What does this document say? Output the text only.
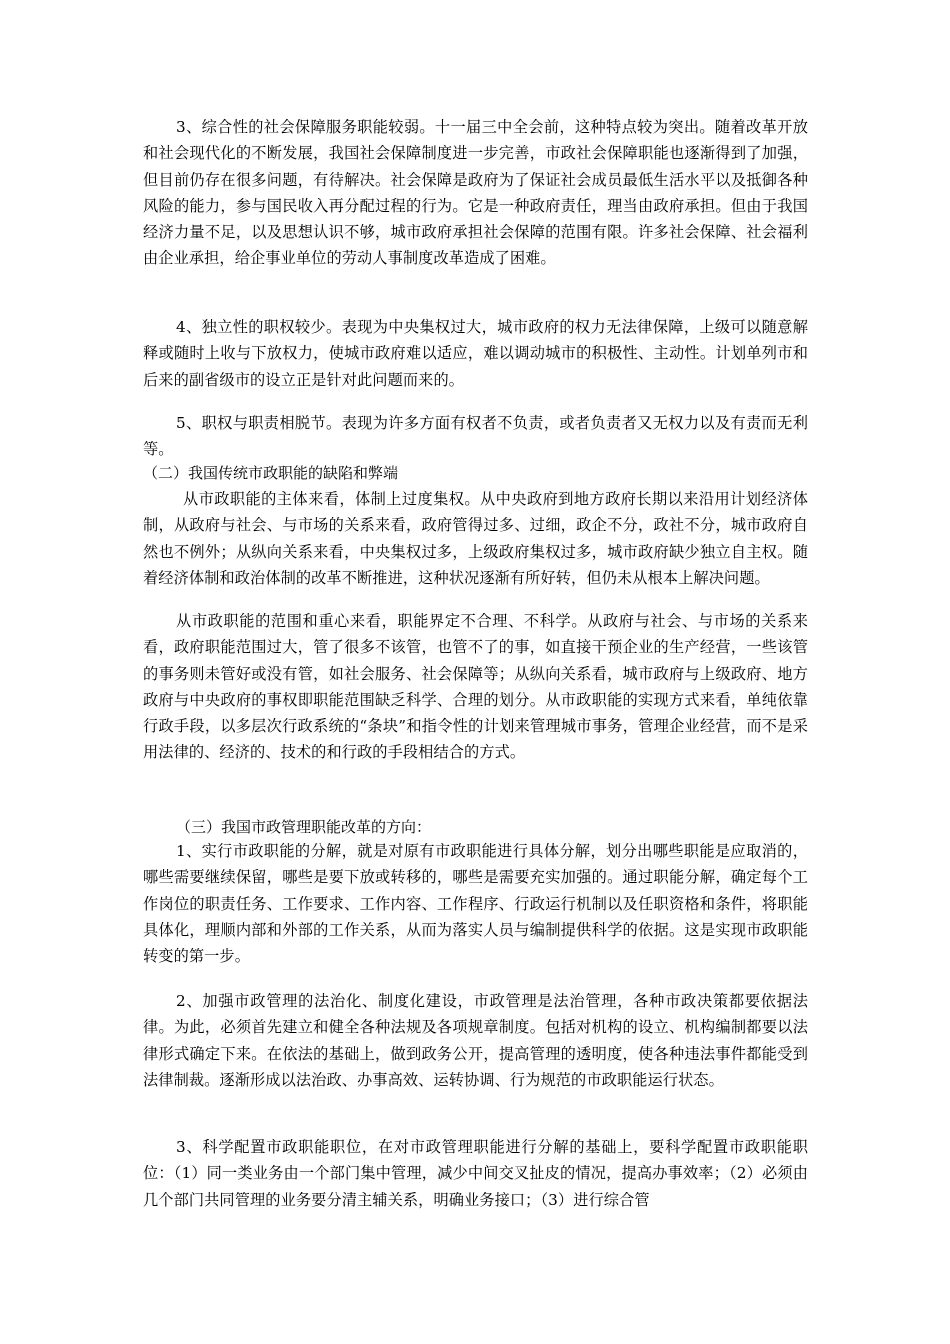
3、综合性的社会保障服务职能较弱。十一届三中全会前，这种特点较为突出。随着改革开放和社会现代化的不断发展，我国社会保障制度进一步完善，市政社会保障职能也逐渐得到了加强，但目前仍存在很多问题，有待解决。社会保障是政府为了保证社会成员最低生活水平以及抵御各种风险的能力，参与国民收入再分配过程的行为。它是一种政府责任，理当由政府承担。但由于我国经济力量不足，以及思想认识不够，城市政府承担社会保障的范围有限。许多社会保障、社会福利由企业承担，给企事业单位的劳动人事制度改革造成了困难。

4、独立性的职权较少。表现为中央集权过大，城市政府的权力无法律保障，上级可以随意解释或随时上收与下放权力，使城市政府难以适应，难以调动城市的积极性、主动性。计划单列市和后来的副省级市的设立正是针对此问题而来的。

5、职权与职责相脱节。表现为许多方面有权者不负责，或者负责者又无权力以及有责而无利等。

（二）我国传统市政职能的缺陷和弊端

从市政职能的主体来看，体制上过度集权。从中央政府到地方政府长期以来沿用计划经济体制，从政府与社会、与市场的关系来看，政府管得过多、过细，政企不分，政社不分，城市政府自然也不例外；从纵向关系来看，中央集权过多，上级政府集权过多，城市政府缺少独立自主权。随着经济体制和政治体制的改革不断推进，这种状况逐渐有所好转，但仍未从根本上解决问题。

从市政职能的范围和重心来看，职能界定不合理、不科学。从政府与社会、与市场的关系来看，政府职能范围过大，管了很多不该管，也管不了的事，如直接干预企业的生产经营，一些该管的事务则未管好或没有管，如社会服务、社会保障等；从纵向关系看，城市政府与上级政府、地方政府与中央政府的事权即职能范围缺乏科学、合理的划分。从市政职能的实现方式来看，单纯依靠行政手段，以多层次行政系统的“条块”和指令性的计划来管理城市事务，管理企业经营，而不是采用法律的、经济的、技术的和行政的手段相结合的方式。

（三）我国市政管理职能改革的方向：

1、实行市政职能的分解，就是对原有市政职能进行具体分解，划分出哪些职能是应取消的，哪些需要继续保留，哪些是要下放或转移的，哪些是需要充实加强的。通过职能分解，确定每个工作岗位的职责任务、工作要求、工作内容、工作程序、行政运行机制以及任职资格和条件，将职能具体化，理顺内部和外部的工作关系，从而为落实人员与编制提供科学的依据。这是实现市政职能转变的第一步。

2、加强市政管理的法治化、制度化建设，市政管理是法治管理，各种市政决策都要依据法律。为此，必须首先建立和健全各种法规及各项规章制度。包括对机构的设立、机构编制都要以法律形式确定下来。在依法的基础上，做到政务公开，提高管理的透明度，使各种违法事件都能受到法律制裁。逐渐形成以法治政、办事高效、运转协调、行为规范的市政职能运行状态。

3、科学配置市政职能职位，在对市政管理职能进行分解的基础上，要科学配置市政职能职位：（1）同一类业务由一个部门集中管理，减少中间交叉扯皮的情况，提高办事效率；（2）必须由几个部门共同管理的业务要分清主辅关系，明确业务接口；（3）进行综合管
